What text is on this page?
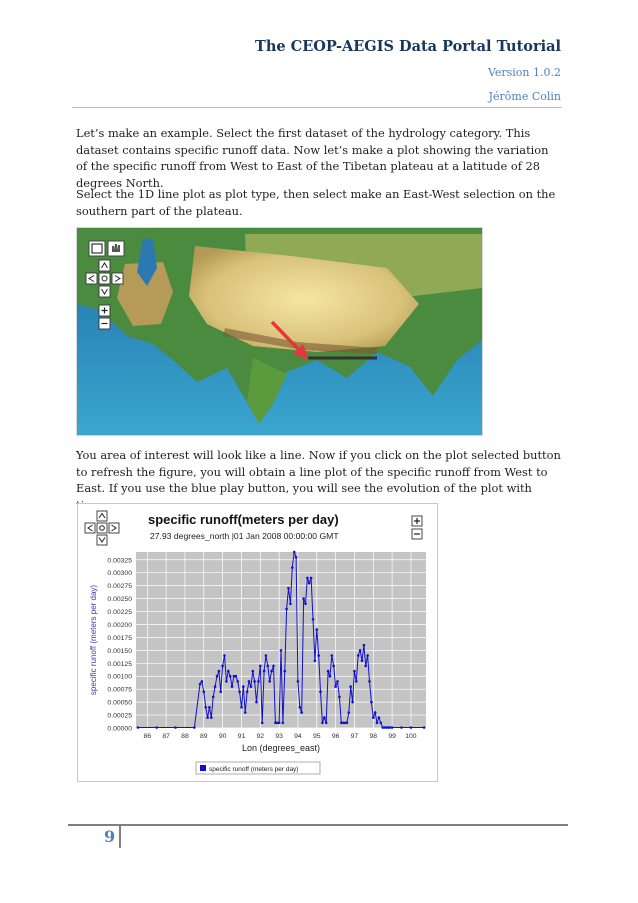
The CEOP-AEGIS Data Portal Tutorial
Version 1.0.2
Jérôme Colin
Let’s make an example. Select the first dataset of the hydrology category. This dataset contains specific runoff data. Now let’s make a plot showing the variation of the specific runoff from West to East of the Tibetan plateau at a latitude of 28 degrees North.
Select the 1D line plot as plot type, then select make an East-West selection on the southern part of the plateau.
You area of interest will look like a line. Now if you click on the plot selected button to refresh the figure, you will obtain a line plot of the specific runoff from West to East. If you use the blue play button, you will see the evolution of the plot with
specific runoff(meters per day)
27.93 degrees_north |01 Jan 2008 00:00:00 GMT
0.00000
0.00025
0.00050
0.00075
0.00100
0.00125
0.00150
0.00175
0.00200
0.00225
0.00250
0.00275
0.00300
0.00325
86 87 88 89 90 91 92 93 94 95 96 97 98 99 100
Lon (degrees_east)
specific runoff (meters per day)
specific runoff (meters per day)
9
